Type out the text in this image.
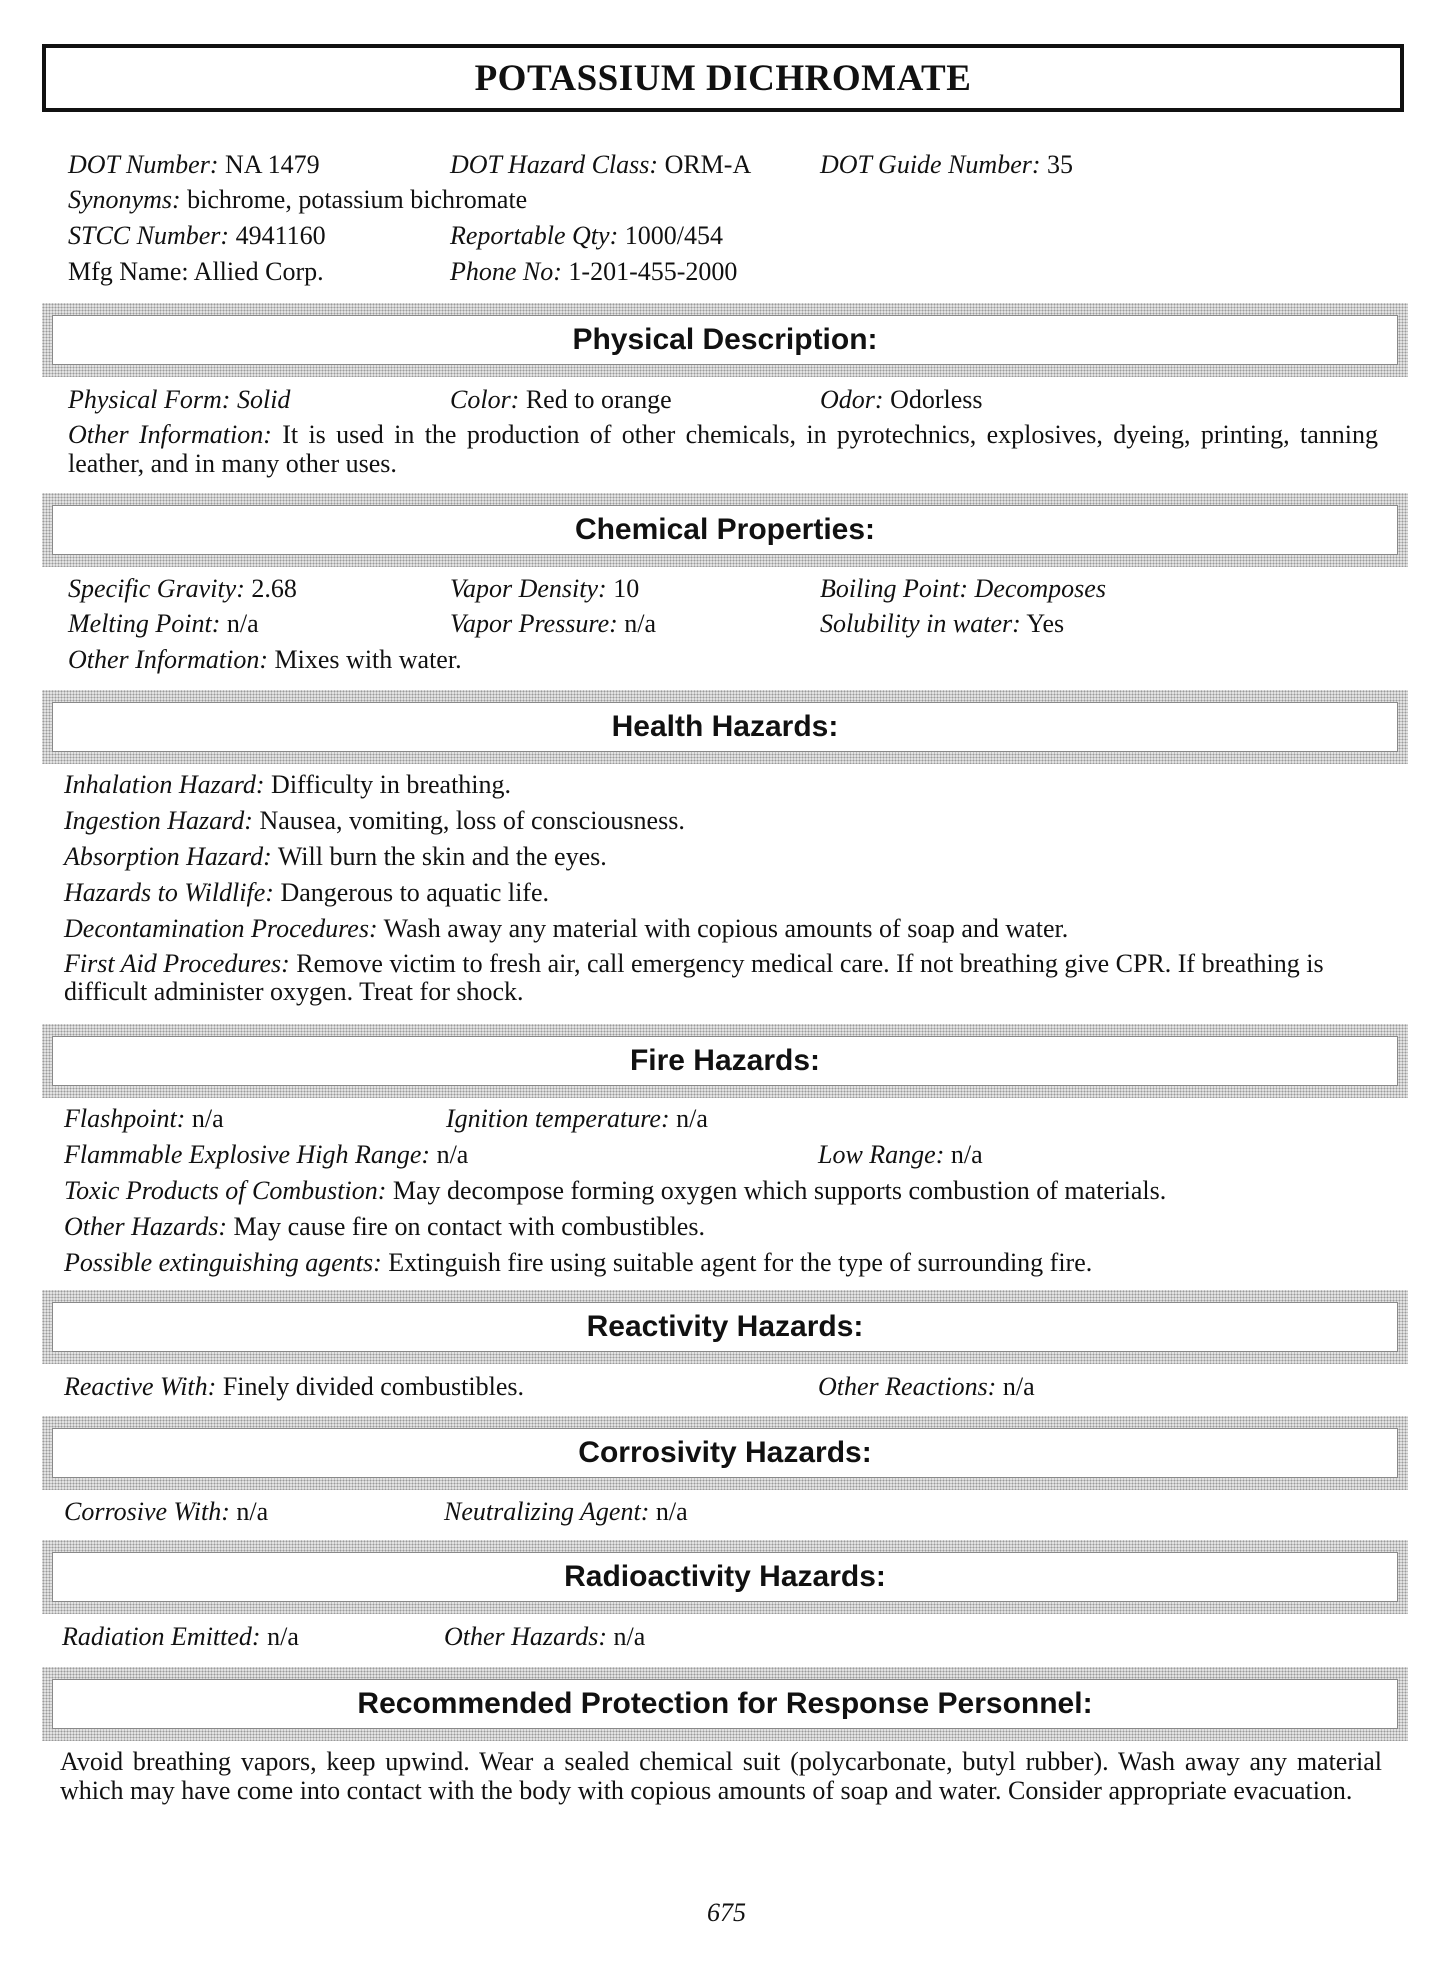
POTASSIUM DICHROMATE
DOT Number: NA 1479	DOT Hazard Class: ORM-A	DOT Guide Number: 35
Synonyms: bichrome, potassium bichromate
STCC Number: 4941160	Reportable Qty: 1000/454
Mfg Name: Allied Corp.	Phone No: 1-201-455-2000
Physical Description:
Physical Form: Solid	Color: Red to orange	Odor: Odorless
Other Information: It is used in the production of other chemicals, in pyrotechnics, explosives, dyeing, printing, tanning leather, and in many other uses.
Chemical Properties:
Specific Gravity: 2.68	Vapor Density: 10	Boiling Point: Decomposes
Melting Point: n/a	Vapor Pressure: n/a	Solubility in water: Yes
Other Information: Mixes with water.
Health Hazards:
Inhalation Hazard: Difficulty in breathing.
Ingestion Hazard: Nausea, vomiting, loss of consciousness.
Absorption Hazard: Will burn the skin and the eyes.
Hazards to Wildlife: Dangerous to aquatic life.
Decontamination Procedures: Wash away any material with copious amounts of soap and water.
First Aid Procedures: Remove victim to fresh air, call emergency medical care. If not breathing give CPR. If breathing is difficult administer oxygen. Treat for shock.
Fire Hazards:
Flashpoint: n/a	Ignition temperature: n/a
Flammable Explosive High Range: n/a	Low Range: n/a
Toxic Products of Combustion: May decompose forming oxygen which supports combustion of materials.
Other Hazards: May cause fire on contact with combustibles.
Possible extinguishing agents: Extinguish fire using suitable agent for the type of surrounding fire.
Reactivity Hazards:
Reactive With: Finely divided combustibles.	Other Reactions: n/a
Corrosivity Hazards:
Corrosive With: n/a	Neutralizing Agent: n/a
Radioactivity Hazards:
Radiation Emitted: n/a	Other Hazards: n/a
Recommended Protection for Response Personnel:
Avoid breathing vapors, keep upwind. Wear a sealed chemical suit (polycarbonate, butyl rubber). Wash away any material which may have come into contact with the body with copious amounts of soap and water. Consider appropriate evacuation.
675
